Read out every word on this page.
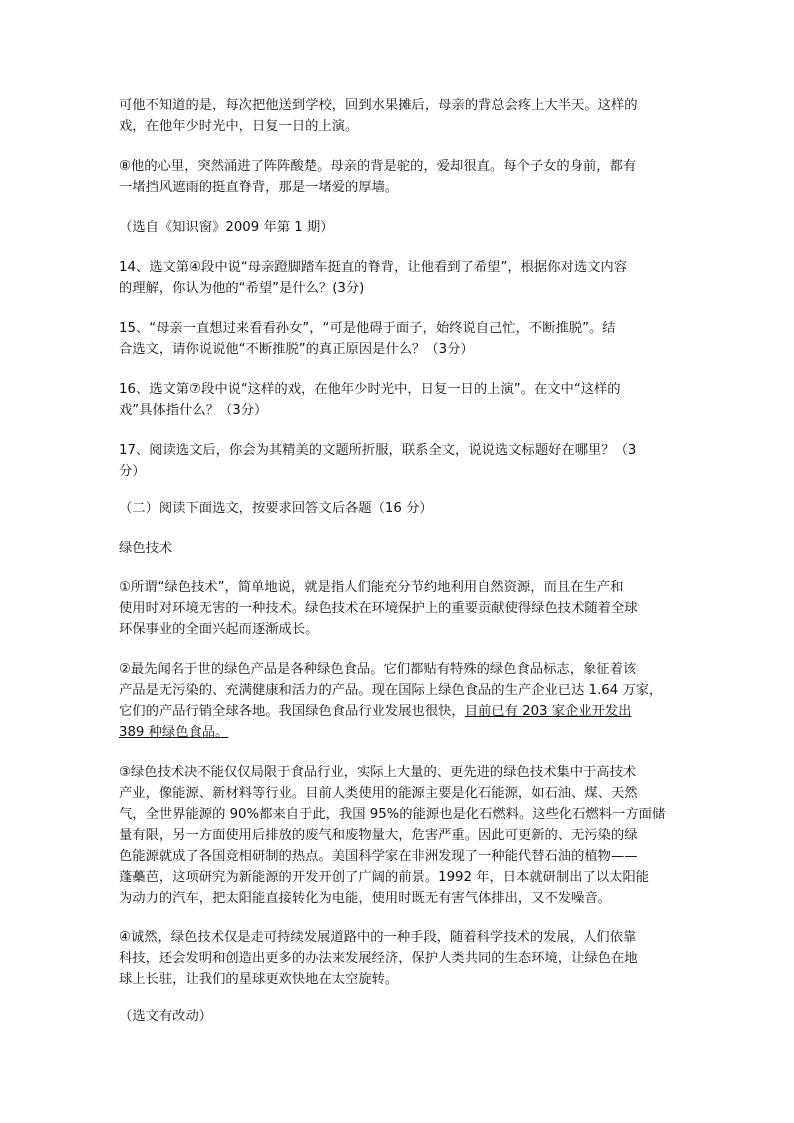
可他不知道的是，每次把他送到学校，回到水果摊后，母亲的背总会疼上大半天。这样的
戏，在他年少时光中，日复一日的上演。
⑧他的心里，突然涌进了阵阵酸楚。母亲的背是驼的，爱却很直。每个子女的身前，都有
一堵挡风遮雨的挺直脊背，那是一堵爱的厚墙。
（选自《知识窗》2009 年第 1 期）
14、选文第④段中说“母亲蹬脚踏车挺直的脊背，让他看到了希望”，根据你对选文内容
的理解，你认为他的“希望”是什么？(3分)
15、“母亲一直想过来看看孙女”，“可是他碍于面子，始终说自己忙，不断推脱”。结
合选文，请你说说他“不断推脱”的真正原因是什么？（3分）
16、选文第⑦段中说“这样的戏，在他年少时光中，日复一日的上演”。在文中“这样的
戏”具体指什么？（3分）
17、阅读选文后，你会为其精美的文题所折服，联系全文，说说选文标题好在哪里？（3
分）
（二）阅读下面选文，按要求回答文后各题（16 分）
绿色技术
①所谓“绿色技术”，简单地说，就是指人们能充分节约地利用自然资源，而且在生产和
使用时对环境无害的一种技术。绿色技术在环境保护上的重要贡献使得绿色技术随着全球
环保事业的全面兴起而逐渐成长。
②最先闻名于世的绿色产品是各种绿色食品。它们都贴有特殊的绿色食品标志，象征着该
产品是无污染的、充满健康和活力的产品。现在国际上绿色食品的生产企业已达 1.64 万家，
它们的产品行销全球各地。我国绿色食品行业发展也很快，目前已有 203 家企业开发出
389 种绿色食品。
③绿色技术决不能仅仅局限于食品行业，实际上大量的、更先进的绿色技术集中于高技术
产业，像能源、新材料等行业。目前人类使用的能源主要是化石能源，如石油、煤、天然
气，全世界能源的 90%都来自于此，我国 95%的能源也是化石燃料。这些化石燃料一方面储
量有限，另一方面使用后排放的废气和废物量大，危害严重。因此可更新的、无污染的绿
色能源就成了各国竞相研制的热点。美国科学家在非洲发现了一种能代替石油的植物——
蓬蘽芭，这项研究为新能源的开发开创了广阔的前景。1992 年，日本就研制出了以太阳能
为动力的汽车，把太阳能直接转化为电能，使用时既无有害气体排出，又不发噪音。
④诚然，绿色技术仅是走可持续发展道路中的一种手段，随着科学技术的发展，人们依靠
科技，还会发明和创造出更多的办法来发展经济，保护人类共同的生态环境，让绿色在地
球上长驻，让我们的星球更欢快地在太空旋转。
（选文有改动）
